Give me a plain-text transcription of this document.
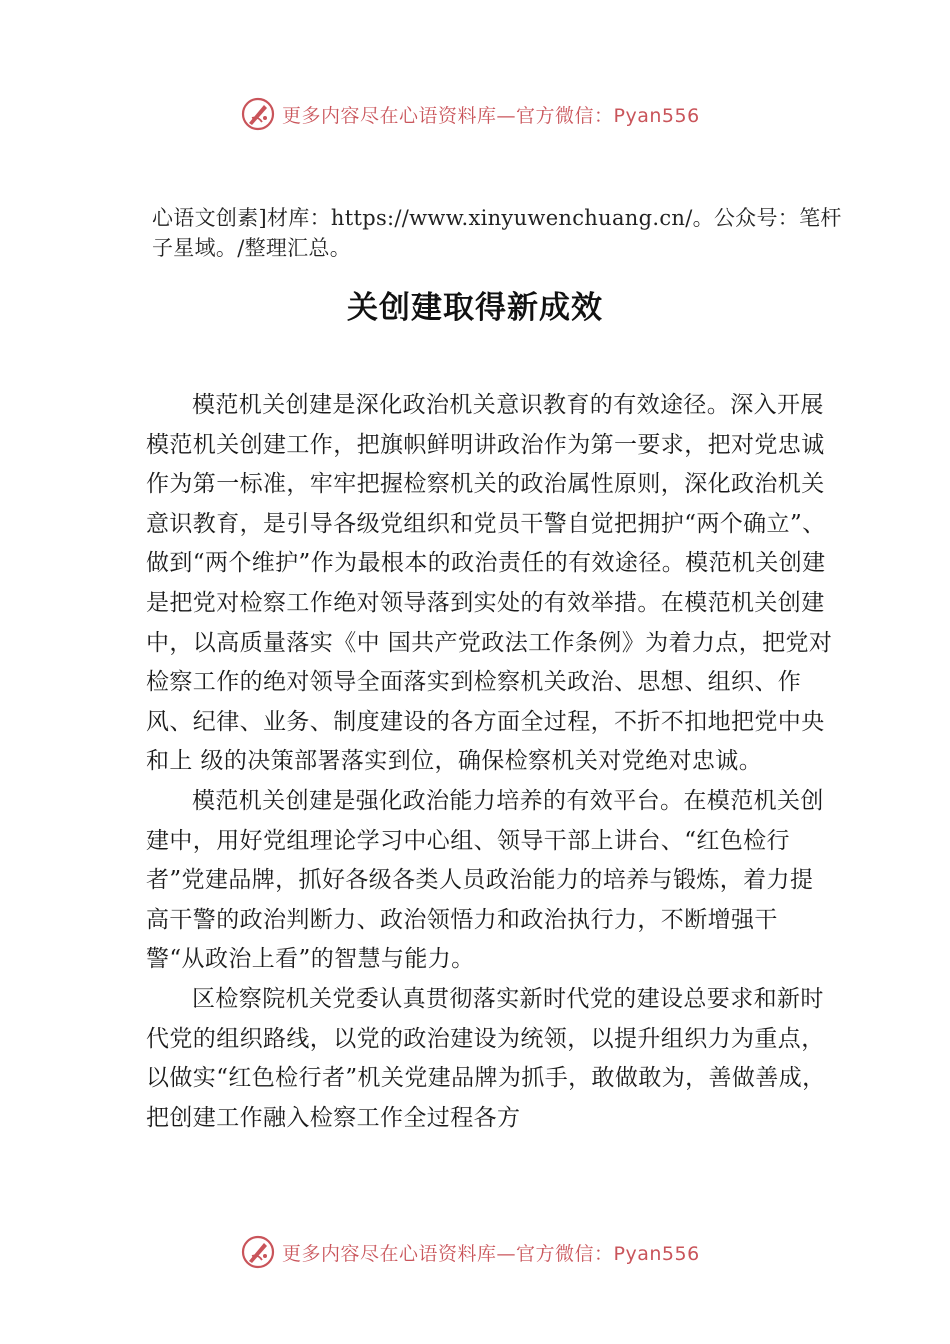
更多内容尽在心语资料库—官方微信：Pyan556
心语文创素]材库：https://www.xinyuwenchuang.cn/。公众号：笔杆子星域。/整理汇总。
关创建取得新成效

模范机关创建是深化政治机关意识教育的有效途径。深入开展模范机关创建工作，把旗帜鲜明讲政治作为第一要求，把对党忠诚作为第一标准，牢牢把握检察机关的政治属性原则，深化政治机关意识教育，是引导各级党组织和党员干警自觉把拥护“两个确立”、做到“两个维护”作为最根本的政治责任的有效途径。模范机关创建是把党对检察工作绝对领导落到实处的有效举措。在模范机关创建中，以高质量落实《中 国共产党政法工作条例》为着力点，把党对检察工作的绝对领导全面落实到检察机关政治、思想、组织、作风、纪律、业务、制度建设的各方面全过程，不折不扣地把党中央和上 级的决策部署落实到位，确保检察机关对党绝对忠诚。

模范机关创建是强化政治能力培养的有效平台。在模范机关创建中，用好党组理论学习中心组、领导干部上讲台、“红色检行者”党建品牌，抓好各级各类人员政治能力的培养与锻炼，着力提高干警的政治判断力、政治领悟力和政治执行力，不断增强干警“从政治上看”的智慧与能力。

区检察院机关党委认真贯彻落实新时代党的建设总要求和新时代党的组织路线，以党的政治建设为统领，以提升组织力为重点，以做实“红色检行者”机关党建品牌为抓手，敢做敢为，善做善成，把创建工作融入检察工作全过程各方

更多内容尽在心语资料库—官方微信：Pyan556
